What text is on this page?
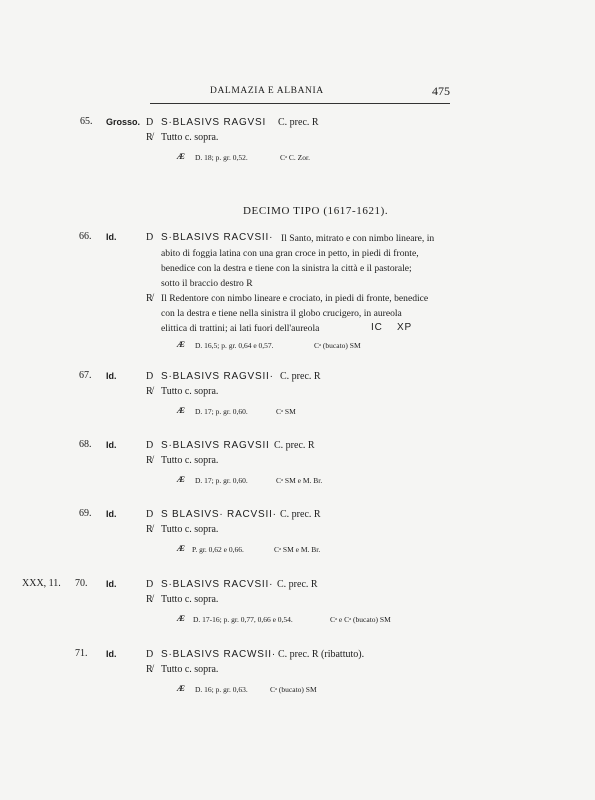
DALMAZIA E ALBANIA	475
65. Grosso. D S·BLASIVS RAGVSI C. prec. R
R̸ Tutto c. sopra.
Æ D. 18; p. gr. 0,52.	Cᵃ C. Zor.
DECIMO TIPO (1617-1621).
66. Id.	D S·BLASIVS RACVSII· Il Santo, mitrato e con nimbo lineare, in
abito di foggia latina con una gran croce in petto, in piedi di fronte,
benedice con la destra e tiene con la sinistra la città e il pastorale;
sotto il braccio destro R
R̸ Il Redentore con nimbo lineare e crociato, in piedi di fronte, benedice
con la destra e tiene nella sinistra il globo crucigero, in aureola
elittica di trattini; ai lati fuori dell'aureola	IC XP
Æ D. 16,5; p. gr. 0,64 e 0,57.	Cᵃ (bucato) SM
67. Id.	D S·BLASIVS RAGVSII· C. prec. R
R̸ Tutto c. sopra.
Æ D. 17; p. gr. 0,60.	Cᵃ SM
68. Id.	D S·BLASIVS RAGVSII C. prec. R
R̸ Tutto c. sopra.
Æ D. 17; p. gr. 0,60.	Cᵃ SM e M. Br.
69. Id.	D S BLASIVS· RACVSII· C. prec. R
R̸ Tutto c. sopra.
Æ P. gr. 0,62 e 0,66.	Cᵃ SM e M. Br.
XXX, 11. 70. Id.	D S·BLASIVS RACVSII· C. prec. R
R̸ Tutto c. sopra.
Æ D. 17-16; p. gr. 0,77, 0,66 e 0,54.	Cᵃ e Cᵃ (bucato) SM
71. Id.	D S·BLASIVS RACWSII· C. prec. R (ribattuto).
R̸ Tutto c. sopra.
Æ D. 16; p. gr. 0,63.	Cᵃ (bucato) SM
